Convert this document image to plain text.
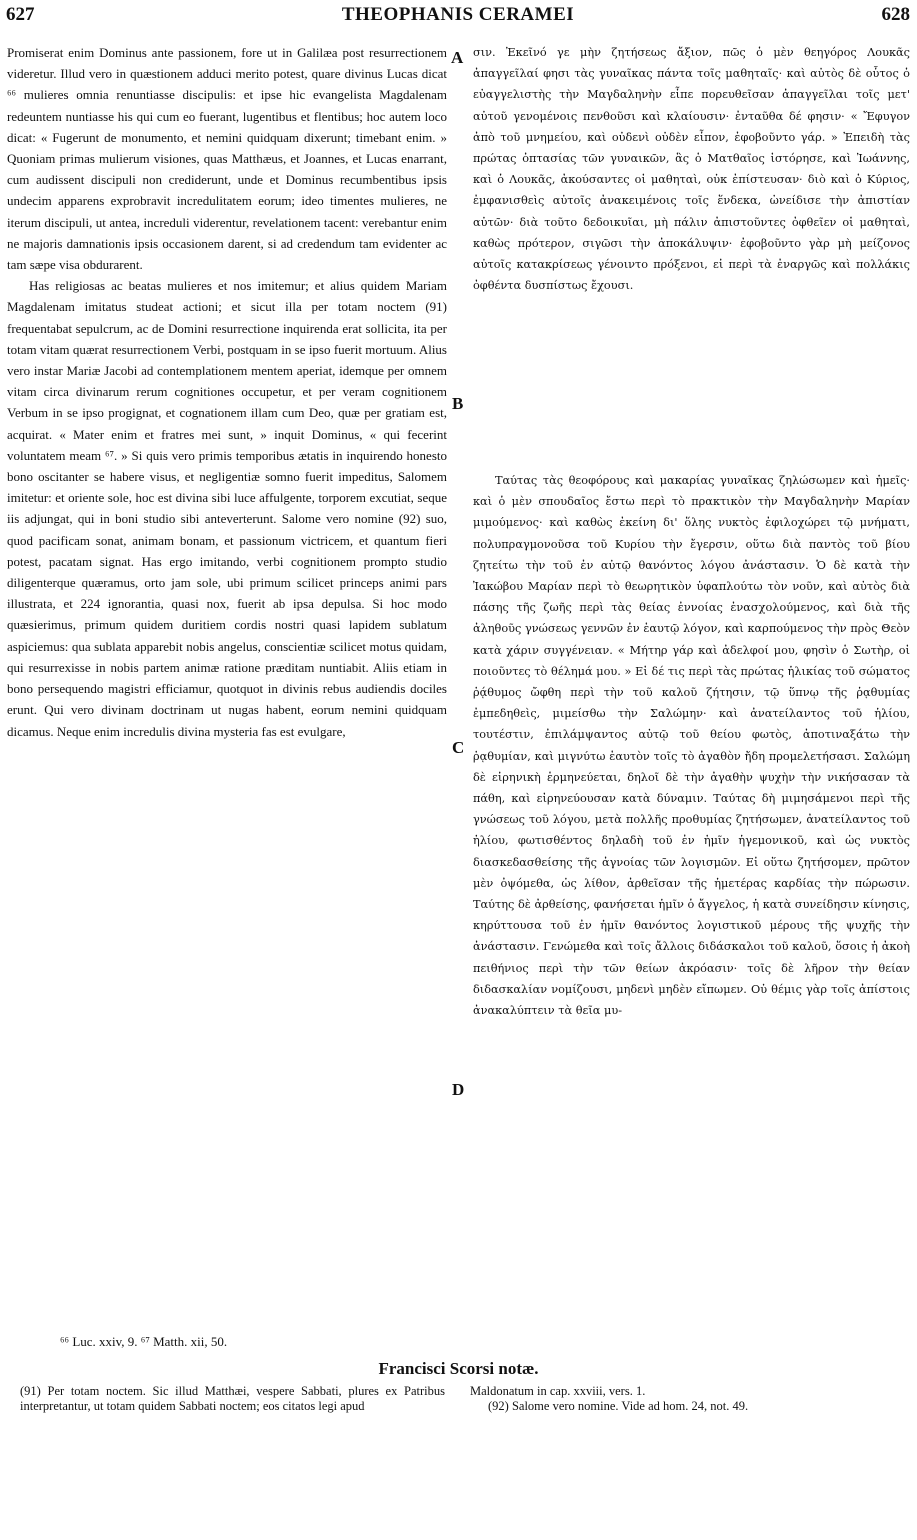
627	THEOPHANIS CERAMEI	628

Promiserat enim Dominus ante passionem, fore ut in Galilæa post resurrectionem videretur. Illud vero in quæstionem adduci merito potest, quare divinus Lucas dicat ⁶⁶ mulieres omnia renuntiasse discipulis: et ipse hic evangelista Magdalenam redeuntem nuntiasse his qui cum eo fuerant, lugentibus et flentibus; hoc autem loco dicat: « Fugerunt de monumento, et nemini quidquam dixerunt; timebant enim. » Quoniam primas mulierum visiones, quas Matthæus, et Joannes, et Lucas enarrant, cum audissent discipuli non crediderunt, unde et Dominus recumbentibus ipsis undecim apparens exprobravit incredulitatem eorum; ideo timentes mulieres, ne iterum discipuli, ut antea, increduli viderentur, revelationem tacent: verebantur enim ne majoris damnationis ipsis occasionem darent, si ad credendum tam evidenter ac tam sæpe visa obdurarent.

Has religiosas ac beatas mulieres et nos imitemur; et alius quidem Mariam Magdalenam imitatus studeat actioni; et sicut illa per totam noctem (91) frequentabat sepulcrum, ac de Domini resurrectione inquirenda erat sollicita, ita per totam vitam quærat resurrectionem Verbi, postquam in se ipso fuerit mortuum. Alius vero instar Mariæ Jacobi ad contemplationem mentem aperiat, idemque per omnem vitam circa divinarum rerum cognitiones occupetur, et per veram cognitionem Verbum in se ipso progignat, et cognationem illam cum Deo, quæ per gratiam est, acquirat. « Mater enim et fratres mei sunt, » inquit Dominus, « qui fecerint voluntatem meam ⁶⁷. » Si quis vero primis temporibus ætatis in inquirendo honesto bono oscitanter se habere visus, et negligentiæ somno fuerit impeditus, Salomem imitetur: et oriente sole, hoc est divina sibi luce affulgente, torporem excutiat, seque iis adjungat, qui in boni studio sibi anteverterunt. Salome vero nomine (92) suo, quod pacificam sonat, animam bonam, et passionum victricem, et quantum fieri potest, pacatam signat. Has ergo imitando, verbi cognitionem prompto studio diligenterque quæramus, orto jam sole, ubi primum scilicet princeps animi pars illustrata, et 224 ignorantia, quasi nox, fuerit ab ipsa depulsa. Si hoc modo quæsierimus, primum quidem duritiem cordis nostri quasi lapidem sublatum aspiciemus: qua sublata apparebit nobis angelus, conscientiæ scilicet motus quidam, qui resurrexisse in nobis partem animæ ratione præditam nuntiabit. Aliis etiam in bono persequendo magistri efficiamur, quotquot in divinis rebus audiendis dociles erunt. Qui vero divinam doctrinam ut nugas habent, eorum nemini quidquam dicamus. Neque enim incredulis divina mysteria fas est evulgare,

A
B
C
D

σιν. Ἐκεῖνό γε μὴν ζητήσεως ἄξιον, πῶς ὁ μὲν θεηγόρος Λουκᾶς ἀπαγγεῖλαί φησι τὰς γυναῖκας πάντα τοῖς μαθηταῖς· καὶ αὐτὸς δὲ οὗτος ὁ εὐαγγελιστὴς τὴν Μαγδαληνὴν εἶπε πορευθεῖσαν ἀπαγγεῖλαι τοῖς μετ' αὐτοῦ γενομένοις πενθοῦσι καὶ κλαίουσιν· ἐνταῦθα δέ φησιν· « Ἔφυγον ἀπὸ τοῦ μνημείου, καὶ οὐδενὶ οὐδὲν εἶπον, ἐφοβοῦντο γάρ. » Ἐπειδὴ τὰς πρώτας ὀπτασίας τῶν γυναικῶν, ἃς ὁ Ματθαῖος ἱστόρησε, καὶ Ἰωάννης, καὶ ὁ Λουκᾶς, ἀκούσαντες οἱ μαθηταὶ, οὐκ ἐπίστευσαν· διὸ καὶ ὁ Κύριος, ἐμφανισθεὶς αὐτοῖς ἀνακειμένοις τοῖς ἕνδεκα, ὠνείδισε τὴν ἀπιστίαν αὐτῶν· διὰ τοῦτο δεδοικυῖαι, μὴ πάλιν ἀπιστοῦντες ὀφθεῖεν οἱ μαθηταὶ, καθὼς πρότερον, σιγῶσι τὴν ἀποκάλυψιν· ἐφοβοῦντο γὰρ μὴ μείζονος αὐτοῖς κατακρίσεως γένοιντο πρόξενοι, εἰ περὶ τὰ ἐναργῶς καὶ πολλάκις ὀφθέντα δυσπίστως ἔχουσι.

Ταύτας τὰς θεοφόρους καὶ μακαρίας γυναῖκας ζηλώσωμεν καὶ ἡμεῖς· καὶ ὁ μὲν σπουδαῖος ἔστω περὶ τὸ πρακτικὸν τὴν Μαγδαληνὴν Μαρίαν μιμούμενος· καὶ καθὼς ἐκείνη δι' ὅλης νυκτὸς ἐφιλοχώρει τῷ μνήματι, πολυπραγμονοῦσα τοῦ Κυρίου τὴν ἔγερσιν, οὕτω διὰ παντὸς τοῦ βίου ζητείτω τὴν τοῦ ἐν αὐτῷ θανόντος λόγου ἀνάστασιν. Ὁ δὲ κατὰ τὴν Ἰακώβου Μαρίαν περὶ τὸ θεωρητικὸν ὑφαπλούτω τὸν νοῦν, καὶ αὐτὸς διὰ πάσης τῆς ζωῆς περὶ τὰς θείας ἐννοίας ἐνασχολούμενος, καὶ διὰ τῆς ἀληθοῦς γνώσεως γεννῶν ἐν ἑαυτῷ λόγον, καὶ καρπούμενος τὴν πρὸς Θεὸν κατὰ χάριν συγγένειαν. « Μήτηρ γάρ καὶ ἀδελφοί μου, φησὶν ὁ Σωτὴρ, οἱ ποιοῦντες τὸ θέλημά μου. » Εἰ δέ τις περὶ τὰς πρώτας ἡλικίας τοῦ σώματος ῥᾴθυμος ὤφθη περὶ τὴν τοῦ καλοῦ ζήτησιν, τῷ ὕπνῳ τῆς ῥᾳθυμίας ἐμπεδηθεὶς, μιμείσθω τὴν Σαλώμην· καὶ ἀνατείλαντος τοῦ ἡλίου, τουτέστιν, ἐπιλάμψαντος αὐτῷ τοῦ θείου φωτὸς, ἀποτιναξάτω τὴν ῥᾳθυμίαν, καὶ μιγνύτω ἑαυτὸν τοῖς τὸ ἀγαθὸν ἤδη προμελετήσασι. Σαλώμη δὲ εἰρηνικὴ ἑρμηνεύεται, δηλοῖ δὲ τὴν ἀγαθὴν ψυχὴν τὴν νικήσασαν τὰ πάθη, καὶ εἰρηνεύουσαν κατὰ δύναμιν. Ταύτας δὴ μιμησάμενοι περὶ τῆς γνώσεως τοῦ λόγου, μετὰ πολλῆς προθυμίας ζητήσωμεν, ἀνατείλαντος τοῦ ἡλίου, φωτισθέντος δηλαδὴ τοῦ ἐν ἡμῖν ἡγεμονικοῦ, καὶ ὡς νυκτὸς διασκεδασθείσης τῆς ἀγνοίας τῶν λογισμῶν. Εἰ οὕτω ζητήσομεν, πρῶτον μὲν ὀψόμεθα, ὡς λίθον, ἀρθεῖσαν τῆς ἡμετέρας καρδίας τὴν πώρωσιν. Ταύτης δὲ ἀρθείσης, φανήσεται ἡμῖν ὁ ἄγγελος, ἡ κατὰ συνείδησιν κίνησις, κηρύττουσα τοῦ ἐν ἡμῖν θανόντος λογιστικοῦ μέρους τῆς ψυχῆς τὴν ἀνάστασιν. Γενώμεθα καὶ τοῖς ἄλλοις διδάσκαλοι τοῦ καλοῦ, ὅσοις ἡ ἀκοὴ πειθήνιος περὶ τὴν τῶν θείων ἀκρόασιν· τοῖς δὲ λῆρον τὴν θείαν διδασκαλίαν νομίζουσι, μηδενὶ μηδὲν εἴπωμεν. Οὐ θέμις γὰρ τοῖς ἀπίστοις ἀνακαλύπτειν τὰ θεῖα μυ-
⁶⁶ Luc. xxiv, 9. ⁶⁷ Matth. xii, 50.
Francisci Scorsi notæ.
(91) Per totam noctem. Sic illud Matthæi, vespere Sabbati, plures ex Patribus interpretantur, ut totam quidem Sabbati noctem; eos citatos legi apud
Maldonatum in cap. xxviii, vers. 1.
(92) Salome vero nomine. Vide ad hom. 24, not. 49.
